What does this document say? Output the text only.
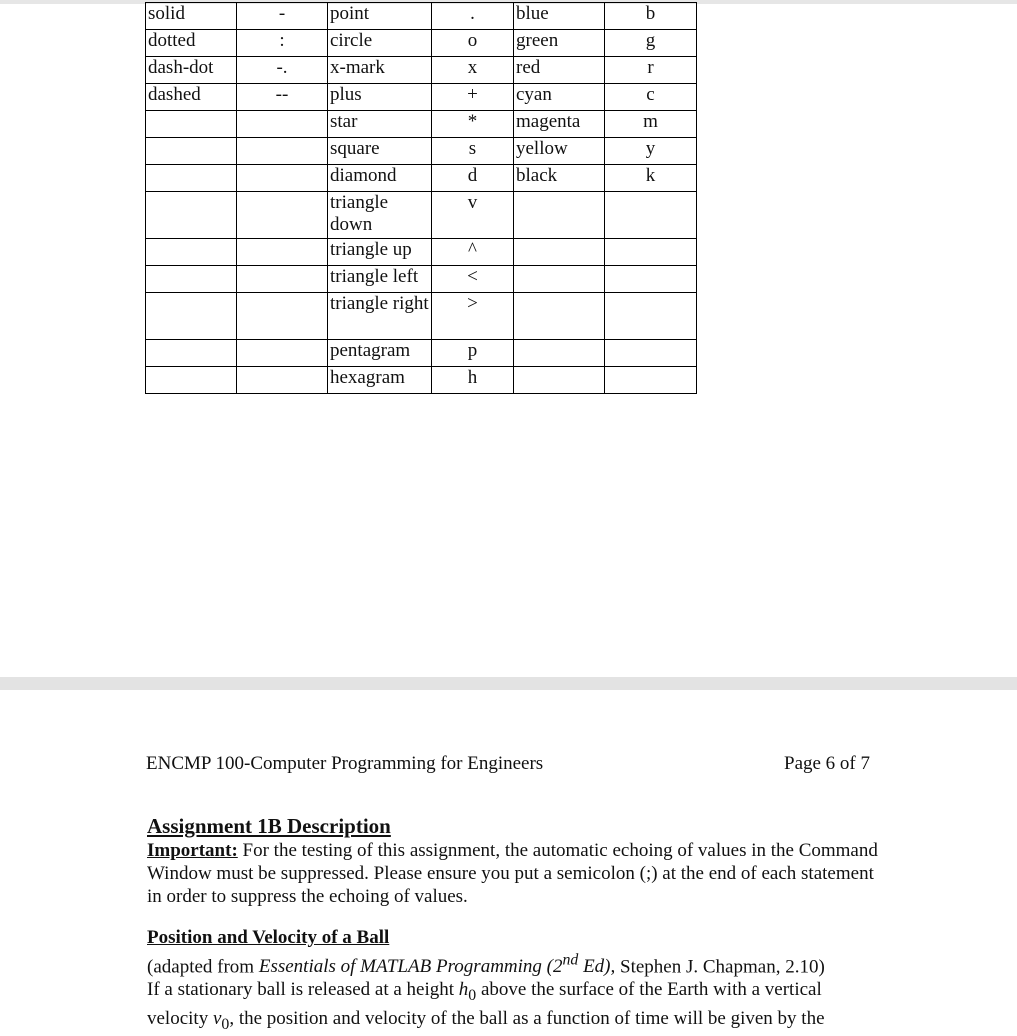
solid	-	point	.	blue	b
dotted	:	circle	o	green	g
dash-dot	-.	x-mark	x	red	r
dashed	--	plus	+	cyan	c
		star	*	magenta	m
		square	s	yellow	y
		diamond	d	black	k
		triangle down	v		
		triangle up	^		
		triangle left	<		
		triangle right	>		
		pentagram	p		
		hexagram	h		
ENCMP 100-Computer Programming for Engineers	Page 6 of 7
Assignment 1B Description

Important: For the testing of this assignment, the automatic echoing of values in the Command Window must be suppressed. Please ensure you put a semicolon (;) at the end of each statement in order to suppress the echoing of values.

Position and Velocity of a Ball

(adapted from Essentials of MATLAB Programming (2nd Ed), Stephen J. Chapman, 2.10)

If a stationary ball is released at a height $h_0$ above the surface of the Earth with a vertical velocity $v_0$, the position and velocity of the ball as a function of time will be given by the
